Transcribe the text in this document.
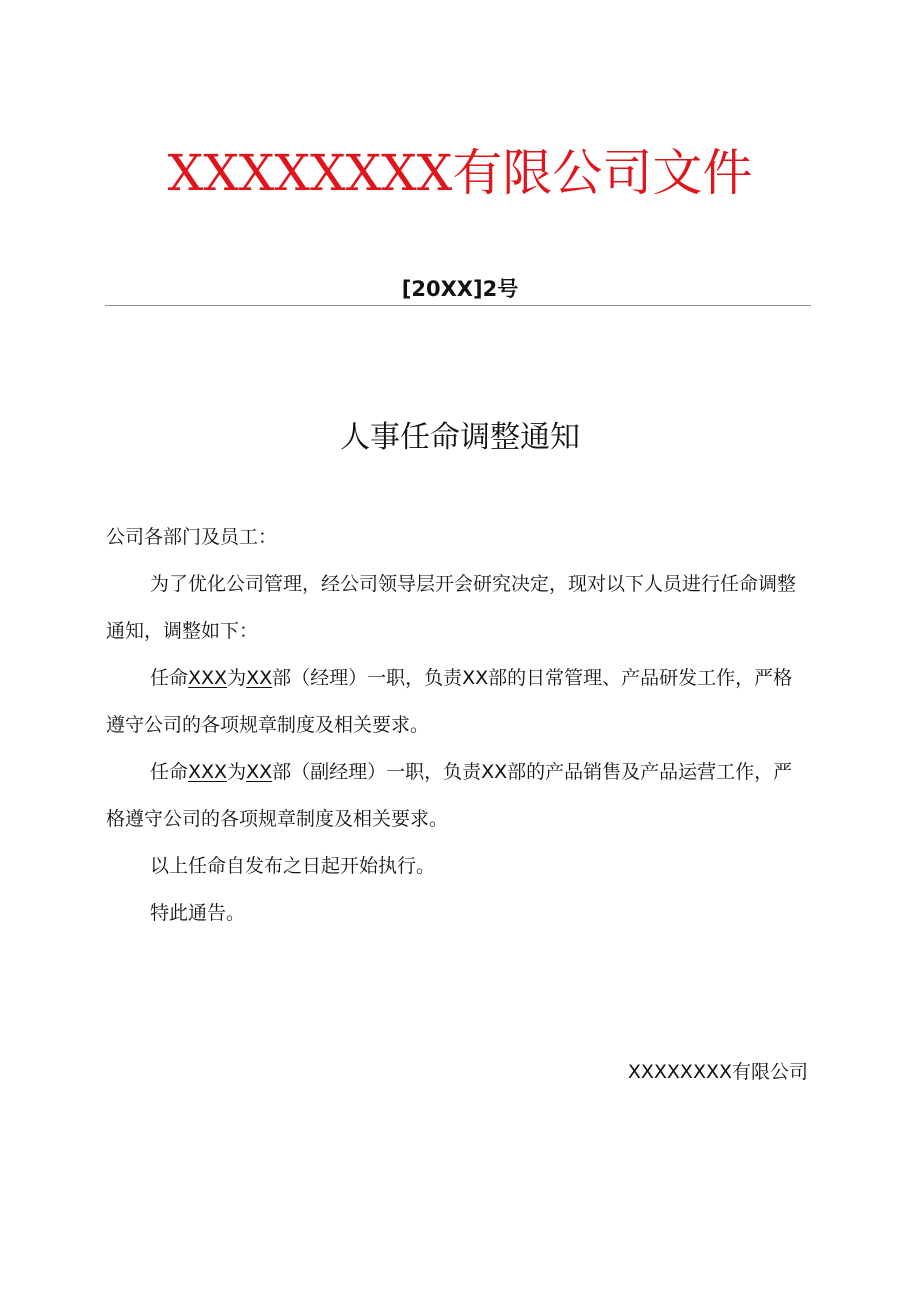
XXXXXXXX有限公司文件
[20XX]2号
人事任命调整通知

公司各部门及员工：

为了优化公司管理，经公司领导层开会研究决定，现对以下人员进行任命调整通知，调整如下：

任命XXX为XX部（经理）一职，负责XX部的日常管理、产品研发工作，严格遵守公司的各项规章制度及相关要求。

任命XXX为XX部（副经理）一职，负责XX部的产品销售及产品运营工作，严格遵守公司的各项规章制度及相关要求。

以上任命自发布之日起开始执行。

特此通告。

XXXXXXXX有限公司
